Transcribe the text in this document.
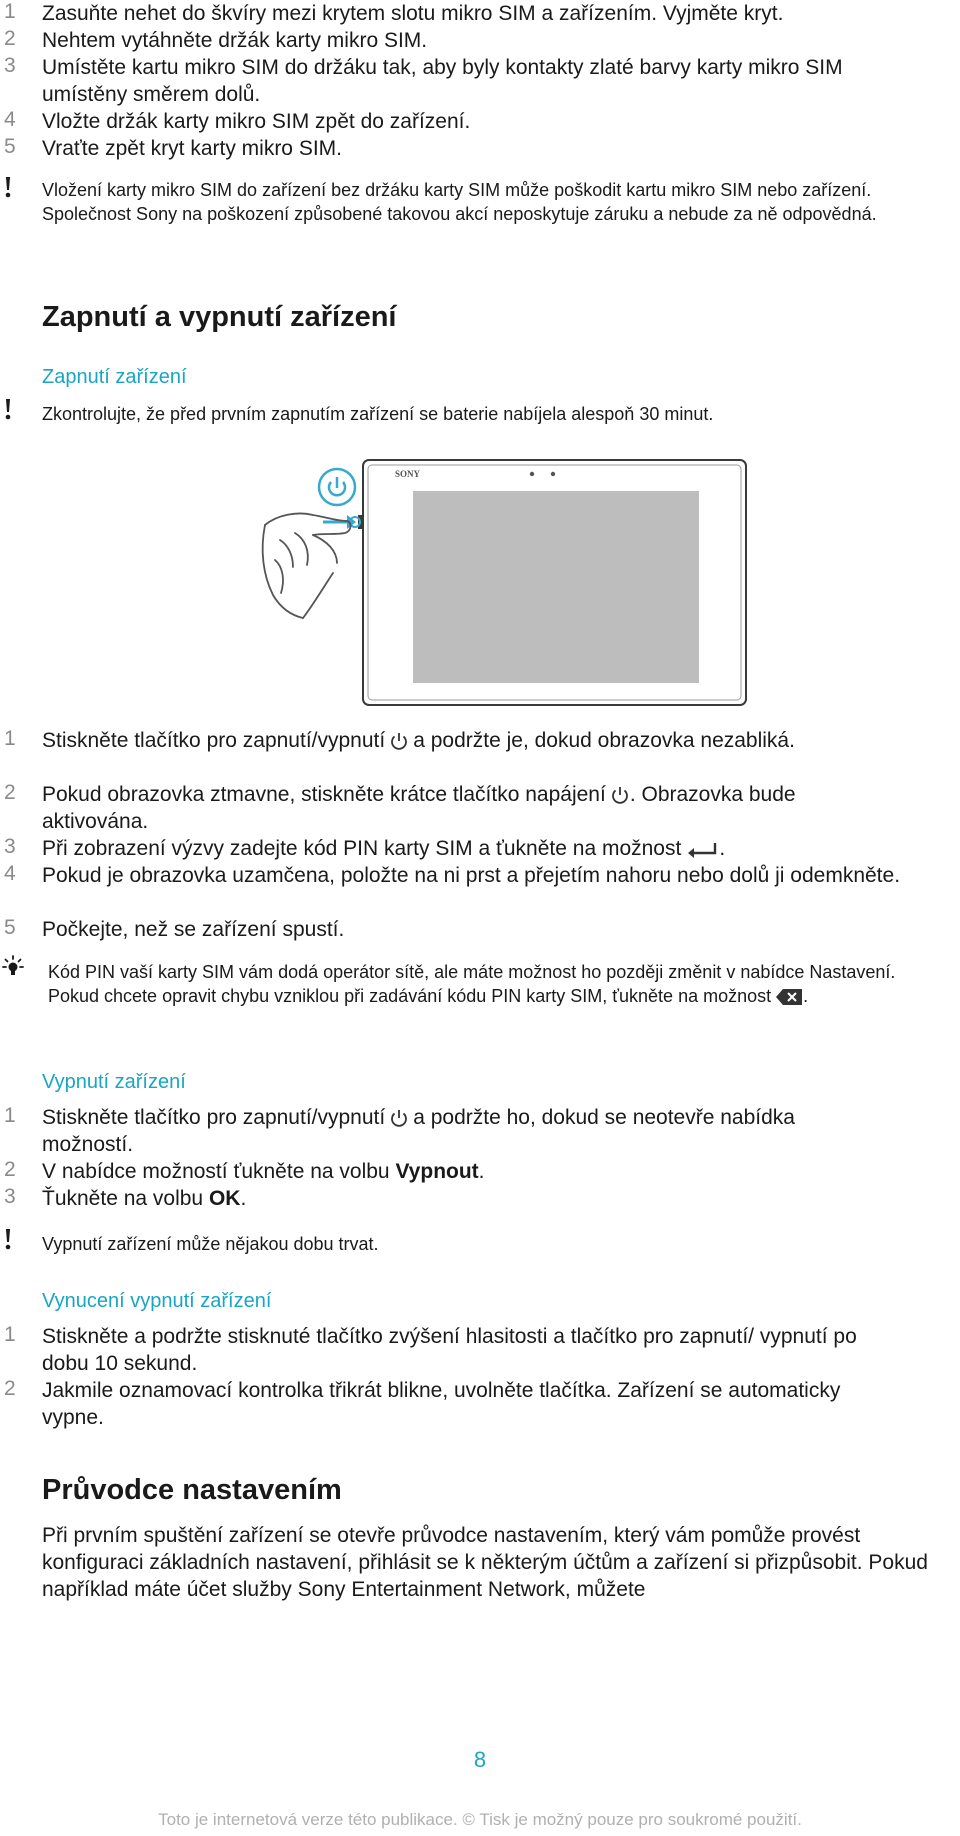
1	Zasuňte nehet do škvíry mezi krytem slotu mikro SIM a zařízením. Vyjměte kryt.
2	Nehtem vytáhněte držák karty mikro SIM.
3	Umístěte kartu mikro SIM do držáku tak, aby byly kontakty zlaté barvy karty mikro SIM umístěny směrem dolů.
4	Vložte držák karty mikro SIM zpět do zařízení.
5	Vraťte zpět kryt karty mikro SIM.
Vložení karty mikro SIM do zařízení bez držáku karty SIM může poškodit kartu mikro SIM nebo zařízení. Společnost Sony na poškození způsobené takovou akcí neposkytuje záruku a nebude za ně odpovědná.
Zapnutí a vypnutí zařízení
Zapnutí zařízení
Zkontrolujte, že před prvním zapnutím zařízení se baterie nabíjela alespoň 30 minut.
SONY
1	Stiskněte tlačítko pro zapnutí/vypnutí a podržte je, dokud obrazovka nezabliká.
2	Pokud obrazovka ztmavne, stiskněte krátce tlačítko napájení . Obrazovka bude aktivována.
3	Při zobrazení výzvy zadejte kód PIN karty SIM a ťukněte na možnost .
4	Pokud je obrazovka uzamčena, položte na ni prst a přejetím nahoru nebo dolů ji odemkněte.
5	Počkejte, než se zařízení spustí.
Kód PIN vaší karty SIM vám dodá operátor sítě, ale máte možnost ho později změnit v nabídce Nastavení. Pokud chcete opravit chybu vzniklou při zadávání kódu PIN karty SIM, ťukněte na možnost .
Vypnutí zařízení
1	Stiskněte tlačítko pro zapnutí/vypnutí a podržte ho, dokud se neotevře nabídka možností.
2	V nabídce možností ťukněte na volbu Vypnout.
3	Ťukněte na volbu OK.
Vypnutí zařízení může nějakou dobu trvat.
Vynucení vypnutí zařízení
1	Stiskněte a podržte stisknuté tlačítko zvýšení hlasitosti a tlačítko pro zapnutí/ vypnutí po dobu 10 sekund.
2	Jakmile oznamovací kontrolka třikrát blikne, uvolněte tlačítka. Zařízení se automaticky vypne.
Průvodce nastavením
Při prvním spuštění zařízení se otevře průvodce nastavením, který vám pomůže provést konfiguraci základních nastavení, přihlásit se k některým účtům a zařízení si přizpůsobit. Pokud například máte účet služby Sony Entertainment Network, můžete
8
Toto je internetová verze této publikace. © Tisk je možný pouze pro soukromé použití.
